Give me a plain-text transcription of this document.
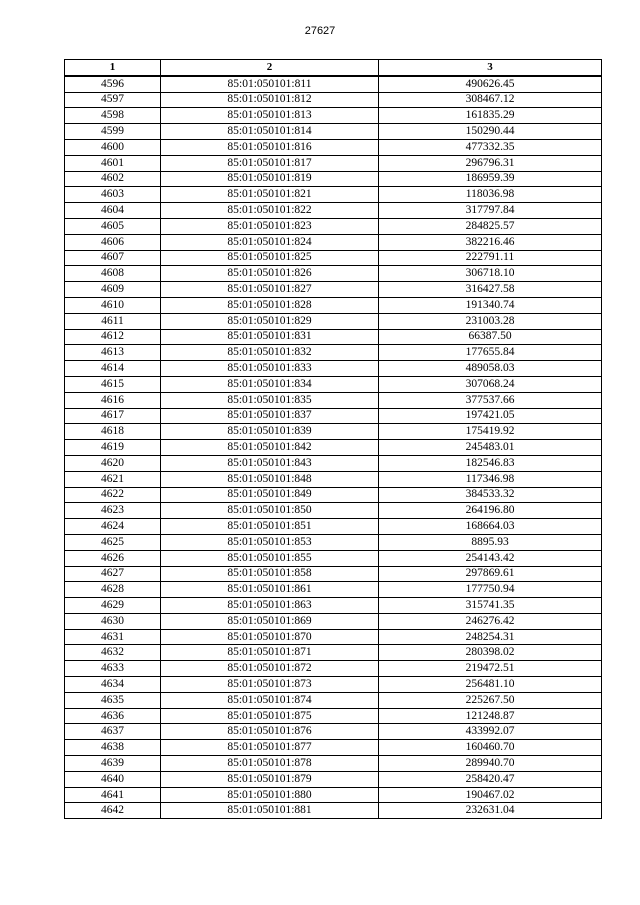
27627
1	2	3
4596	85:01:050101:811	490626.45
4597	85:01:050101:812	308467.12
4598	85:01:050101:813	161835.29
4599	85:01:050101:814	150290.44
4600	85:01:050101:816	477332.35
4601	85:01:050101:817	296796.31
4602	85:01:050101:819	186959.39
4603	85:01:050101:821	118036.98
4604	85:01:050101:822	317797.84
4605	85:01:050101:823	284825.57
4606	85:01:050101:824	382216.46
4607	85:01:050101:825	222791.11
4608	85:01:050101:826	306718.10
4609	85:01:050101:827	316427.58
4610	85:01:050101:828	191340.74
4611	85:01:050101:829	231003.28
4612	85:01:050101:831	66387.50
4613	85:01:050101:832	177655.84
4614	85:01:050101:833	489058.03
4615	85:01:050101:834	307068.24
4616	85:01:050101:835	377537.66
4617	85:01:050101:837	197421.05
4618	85:01:050101:839	175419.92
4619	85:01:050101:842	245483.01
4620	85:01:050101:843	182546.83
4621	85:01:050101:848	117346.98
4622	85:01:050101:849	384533.32
4623	85:01:050101:850	264196.80
4624	85:01:050101:851	168664.03
4625	85:01:050101:853	8895.93
4626	85:01:050101:855	254143.42
4627	85:01:050101:858	297869.61
4628	85:01:050101:861	177750.94
4629	85:01:050101:863	315741.35
4630	85:01:050101:869	246276.42
4631	85:01:050101:870	248254.31
4632	85:01:050101:871	280398.02
4633	85:01:050101:872	219472.51
4634	85:01:050101:873	256481.10
4635	85:01:050101:874	225267.50
4636	85:01:050101:875	121248.87
4637	85:01:050101:876	433992.07
4638	85:01:050101:877	160460.70
4639	85:01:050101:878	289940.70
4640	85:01:050101:879	258420.47
4641	85:01:050101:880	190467.02
4642	85:01:050101:881	232631.04
